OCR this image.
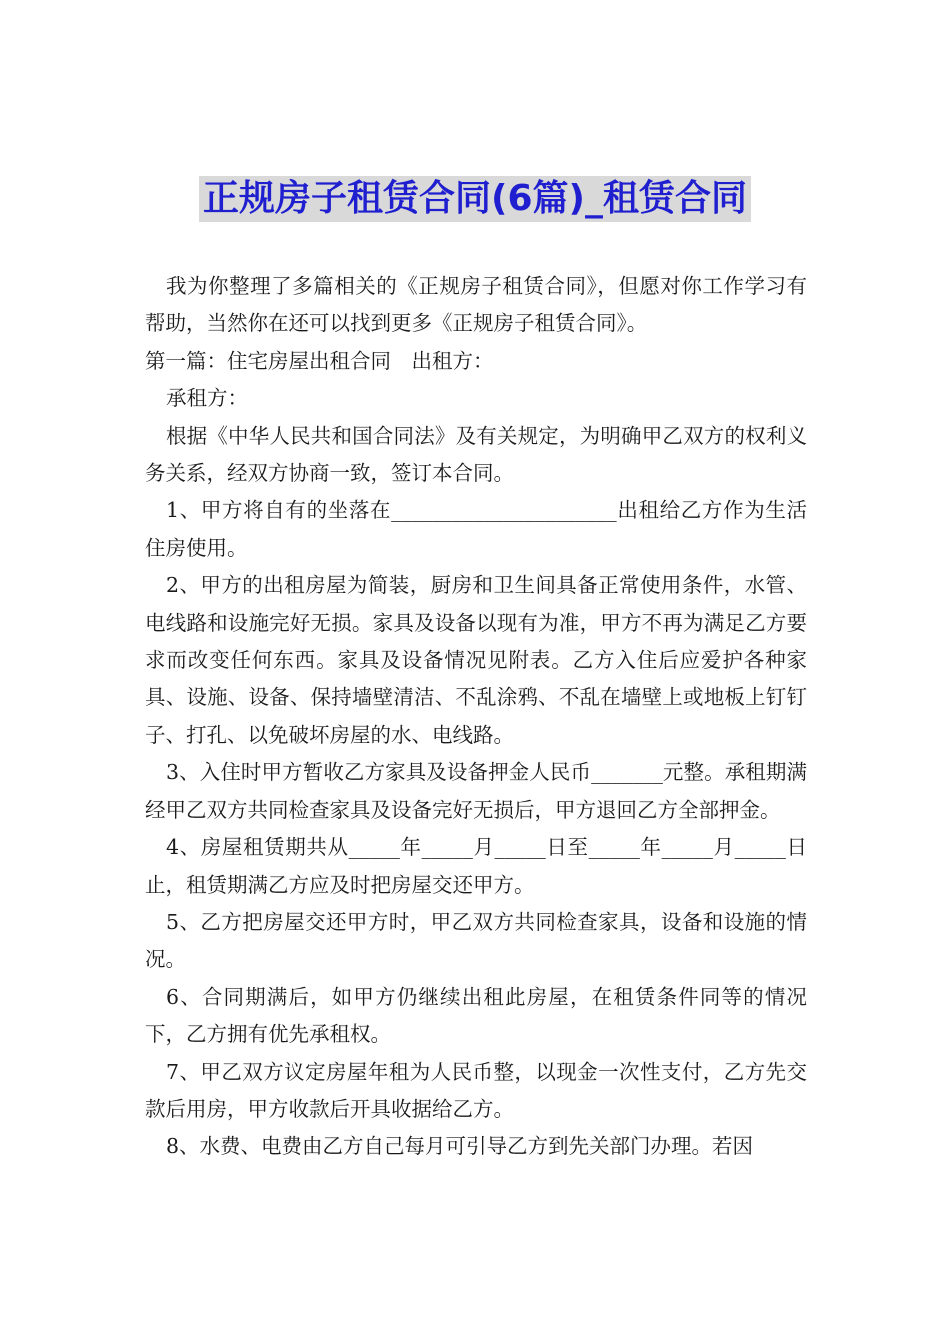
正规房子租赁合同(6篇)_租赁合同

我为你整理了多篇相关的《正规房子租赁合同》，但愿对你工作学习有帮助，当然你在还可以找到更多《正规房子租赁合同》。

第一篇：住宅房屋出租合同　出租方：

承租方：

根据《中华人民共和国合同法》及有关规定，为明确甲乙双方的权利义务关系，经双方协商一致，签订本合同。

1、甲方将自有的坐落在______________________出租给乙方作为生活住房使用。

2、甲方的出租房屋为简装，厨房和卫生间具备正常使用条件，水管、电线路和设施完好无损。家具及设备以现有为准，甲方不再为满足乙方要求而改变任何东西。家具及设备情况见附表。乙方入住后应爱护各种家具、设施、设备、保持墙壁清洁、不乱涂鸦、不乱在墙壁上或地板上钉钉子、打孔、以免破坏房屋的水、电线路。

3、入住时甲方暂收乙方家具及设备押金人民币_______元整。承租期满经甲乙双方共同检查家具及设备完好无损后，甲方退回乙方全部押金。

4、房屋租赁期共从_____年_____月_____日至_____年_____月_____日止，租赁期满乙方应及时把房屋交还甲方。

5、乙方把房屋交还甲方时，甲乙双方共同检查家具，设备和设施的情况。

6、合同期满后，如甲方仍继续出租此房屋，在租赁条件同等的情况下，乙方拥有优先承租权。

7、甲乙双方议定房屋年租为人民币整，以现金一次性支付，乙方先交款后用房，甲方收款后开具收据给乙方。

8、水费、电费由乙方自己每月可引导乙方到先关部门办理。若因
